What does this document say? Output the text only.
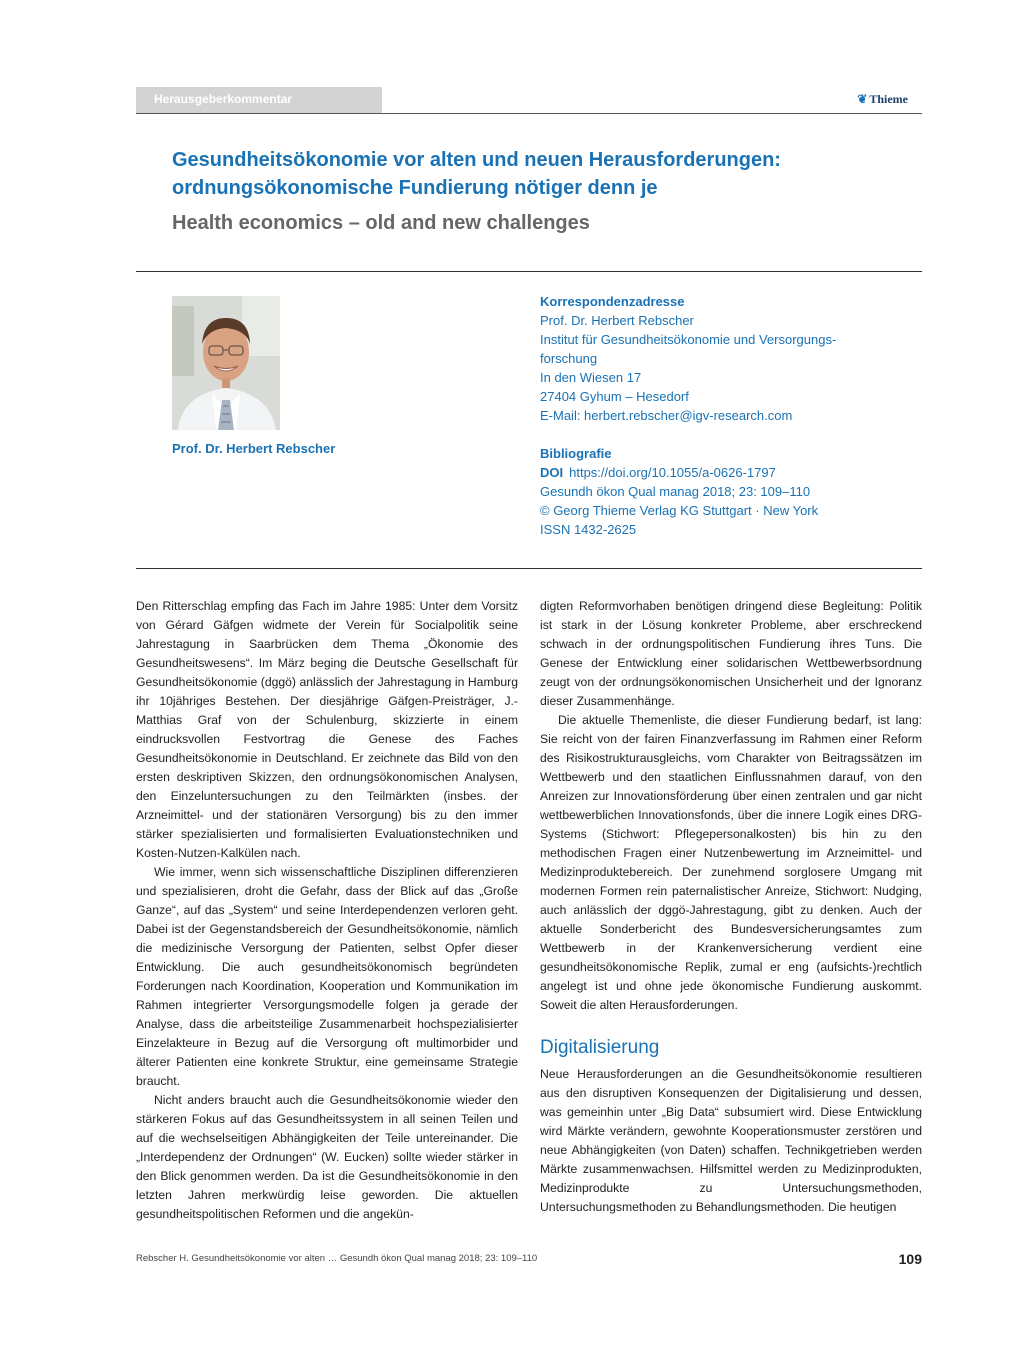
Herausgeberkommentar	❦ Thieme
Gesundheitsökonomie vor alten und neuen Herausforderungen: ordnungsökonomische Fundierung nötiger denn je
Health economics – old and new challenges
Prof. Dr. Herbert Rebscher
Korrespondenzadresse
Prof. Dr. Herbert Rebscher
Institut für Gesundheitsökonomie und Versorgungs-
forschung
In den Wiesen 17
27404 Gyhum – Hesedorf
E-Mail: herbert.rebscher@igv-research.com
Bibliografie
DOI https://doi.org/10.1055/a-0626-1797
Gesundh ökon Qual manag 2018; 23: 109–110
© Georg Thieme Verlag KG Stuttgart · New York
ISSN 1432-2625

Den Ritterschlag empfing das Fach im Jahre 1985: Unter dem Vorsitz von Gérard Gäfgen widmete der Verein für Socialpolitik seine Jahrestagung in Saarbrücken dem Thema „Ökonomie des Gesundheitswesens“. Im März beging die Deutsche Gesellschaft für Gesundheitsökonomie (dggö) anlässlich der Jahrestagung in Hamburg ihr 10jähriges Bestehen. Der diesjährige Gäfgen-Preisträger, J.-Matthias Graf von der Schulenburg, skizzierte in einem eindrucksvollen Festvortrag die Genese des Faches Gesundheitsökonomie in Deutschland. Er zeichnete das Bild von den ersten deskriptiven Skizzen, den ordnungsökonomischen Analysen, den Einzeluntersuchungen zu den Teilmärkten (insbes. der Arzneimittel- und der stationären Versorgung) bis zu den immer stärker spezialisierten und formalisierten Evaluationstechniken und Kosten-Nutzen-Kalkülen nach.

Wie immer, wenn sich wissenschaftliche Disziplinen differenzieren und spezialisieren, droht die Gefahr, dass der Blick auf das „Große Ganze“, auf das „System“ und seine Interdependenzen verloren geht. Dabei ist der Gegenstandsbereich der Gesundheitsökonomie, nämlich die medizinische Versorgung der Patienten, selbst Opfer dieser Entwicklung. Die auch gesundheitsökonomisch begründeten Forderungen nach Koordination, Kooperation und Kommunikation im Rahmen integrierter Versorgungsmodelle folgen ja gerade der Analyse, dass die arbeitsteilige Zusammenarbeit hochspezialisierter Einzelakteure in Bezug auf die Versorgung oft multimorbider und älterer Patienten eine konkrete Struktur, eine gemeinsame Strategie braucht.

Nicht anders braucht auch die Gesundheitsökonomie wieder den stärkeren Fokus auf das Gesundheitssystem in all seinen Teilen und auf die wechselseitigen Abhängigkeiten der Teile untereinander. Die „Interdependenz der Ordnungen“ (W. Eucken) sollte wieder stärker in den Blick genommen werden. Da ist die Gesundheitsökonomie in den letzten Jahren merkwürdig leise geworden. Die aktuellen gesundheitspolitischen Reformen und die angekün-

digten Reformvorhaben benötigen dringend diese Begleitung: Politik ist stark in der Lösung konkreter Probleme, aber erschreckend schwach in der ordnungspolitischen Fundierung ihres Tuns. Die Genese der Entwicklung einer solidarischen Wettbewerbsordnung zeugt von der ordnungsökonomischen Unsicherheit und der Ignoranz dieser Zusammenhänge.

Die aktuelle Themenliste, die dieser Fundierung bedarf, ist lang: Sie reicht von der fairen Finanzverfassung im Rahmen einer Reform des Risikostrukturausgleichs, vom Charakter von Beitragssätzen im Wettbewerb und den staatlichen Einflussnahmen darauf, von den Anreizen zur Innovationsförderung über einen zentralen und gar nicht wettbewerblichen Innovationsfonds, über die innere Logik eines DRG-Systems (Stichwort: Pflegepersonalkosten) bis hin zu den methodischen Fragen einer Nutzenbewertung im Arzneimittel- und Medizinproduktebereich. Der zunehmend sorglosere Umgang mit modernen Formen rein paternalistischer Anreize, Stichwort: Nudging, auch anlässlich der dggö-Jahrestagung, gibt zu denken. Auch der aktuelle Sonderbericht des Bundesversicherungsamtes zum Wettbewerb in der Krankenversicherung verdient eine gesundheitsökonomische Replik, zumal er eng (aufsichts-)rechtlich angelegt ist und ohne jede ökonomische Fundierung auskommt. Soweit die alten Herausforderungen.

Digitalisierung

Neue Herausforderungen an die Gesundheitsökonomie resultieren aus den disruptiven Konsequenzen der Digitalisierung und dessen, was gemeinhin unter „Big Data“ subsumiert wird. Diese Entwicklung wird Märkte verändern, gewohnte Kooperationsmuster zerstören und neue Abhängigkeiten (von Daten) schaffen. Technikgetrieben werden Märkte zusammenwachsen. Hilfsmittel werden zu Medizinprodukten, Medizinprodukte zu Untersuchungsmethoden, Untersuchungsmethoden zu Behandlungsmethoden. Die heutigen

Rebscher H. Gesundheitsökonomie vor alten … Gesundh ökon Qual manag 2018; 23: 109–110	109
